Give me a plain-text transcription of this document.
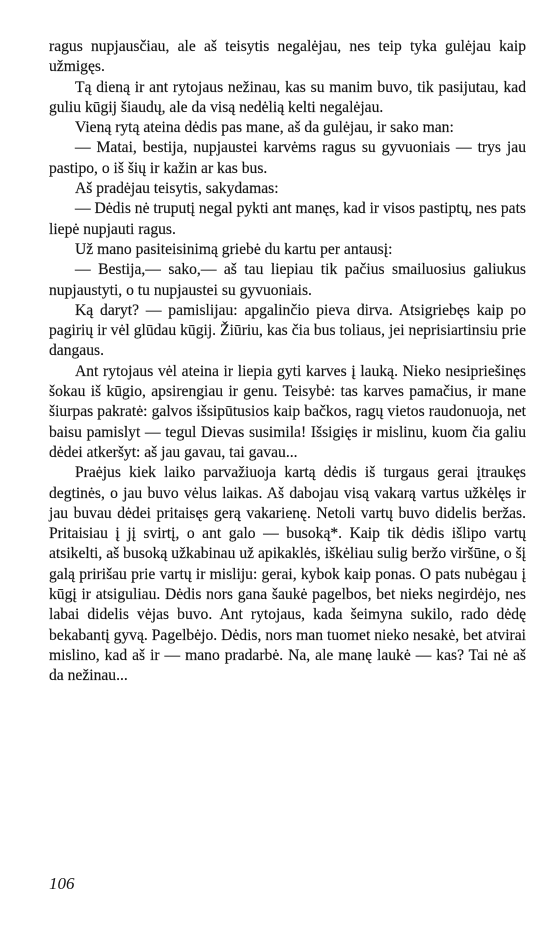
ragus nupjausčiau, ale aš teisytis negalėjau, nes teip tyka gulėjau kaip užmigęs.

Tą dieną ir ant rytojaus nežinau, kas su manim buvo, tik pasijutau, kad guliu kūgij šiaudų, ale da visą nedėlią kelti negalėjau.

Vieną rytą ateina dėdis pas mane, aš da gulėjau, ir sako man:

— Matai, bestija, nupjaustei karvėms ragus su gyvuoniais — trys jau pastipo, o iš šių ir kažin ar kas bus.

Aš pradėjau teisytis, sakydamas:

— Dėdis nė truputį negal pykti ant manęs, kad ir visos pastiptų, nes pats liepė nupjauti ragus.

Už mano pasiteisinimą griebė du kartu per antausį:

— Bestija,— sako,— aš tau liepiau tik pačius smailuosius galiukus nupjaustyti, o tu nupjaustei su gyvuoniais.

Ką daryt? — pamislijau: apgalinčio pieva dirva. Atsigriebęs kaip po pagirių ir vėl glūdau kūgij. Žiūriu, kas čia bus toliaus, jei neprisiartinsiu prie dangaus.

Ant rytojaus vėl ateina ir liepia gyti karves į lauką. Nieko nesipriešinęs šokau iš kūgio, apsirengiau ir genu. Teisybė: tas karves pamačius, ir mane šiurpas pakratė: galvos išsipūtusios kaip bačkos, ragų vietos raudonuoja, net baisu pamislyt — tegul Dievas susimila! Išsigięs ir mislinu, kuom čia galiu dėdei atkeršyt: aš jau gavau, tai gavau...

Praėjus kiek laiko parvažiuoja kartą dėdis iš turgaus gerai įtraukęs degtinės, o jau buvo vėlus laikas. Aš dabojau visą vakarą vartus užkėlęs ir jau buvau dėdei pritaisęs gerą vakarienę. Netoli vartų buvo didelis beržas. Pritaisiau į jį svirtį, o ant galo — busoką*. Kaip tik dėdis išlipo vartų atsikelti, aš busoką užkabinau už apikaklės, iškėliau sulig beržo viršūne, o šį galą pririšau prie vartų ir misliju: gerai, kybok kaip ponas. O pats nubėgau į kūgį ir atsiguliau. Dėdis nors gana šaukė pagelbos, bet nieks negirdėjo, nes labai didelis vėjas buvo. Ant rytojaus, kada šeimyna sukilo, rado dėdę bekabantį gyvą. Pagelbėjo. Dėdis, nors man tuomet nieko nesakė, bet atvirai mislino, kad aš ir — mano pradarbė. Na, ale manę laukė — kas? Tai nė aš da nežinau...

106
